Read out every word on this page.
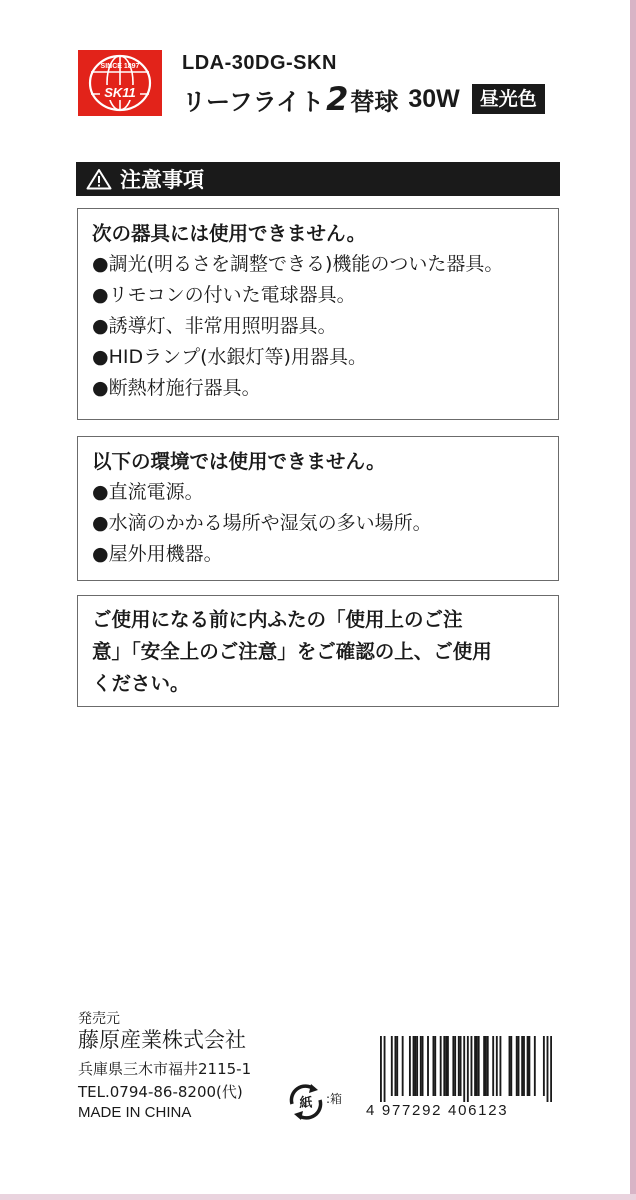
SINCE 1897
SK11
LDA-30DG-SKN
リーフライト 2 替球 30W	昼光色
注意事項
次の器具には使用できません。
● 調光(明るさを調整できる)機能のついた器具。
● リモコンの付いた電球器具。
● 誘導灯、非常用照明器具。
● HIDランプ(水銀灯等)用器具。
● 断熱材施行器具。
以下の環境では使用できません。
● 直流電源。
● 水滴のかかる場所や湿気の多い場所。
● 屋外用機器。
ご使用になる前に内ふたの「使用上のご注
意」「安全上のご注意」をご確認の上、ご使用
ください。
発売元
藤原産業株式会社
兵庫県三木市福井2115-1
TEL.0794-86-8200(代)
MADE IN CHINA
紙 :箱
4 977292 406123
